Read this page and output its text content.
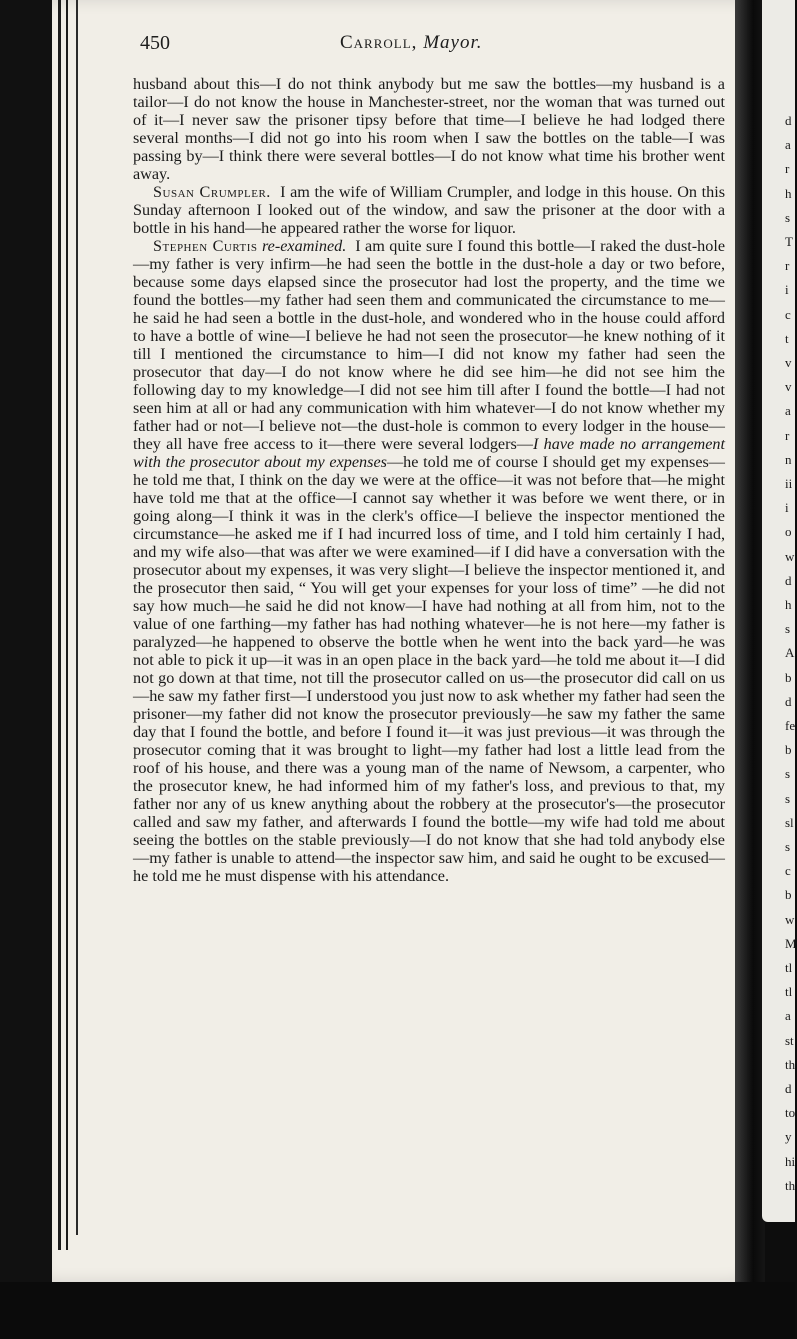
450	Carroll, Mayor.

husband about this—I do not think anybody but me saw the bottles—my husband is a tailor—I do not know the house in Manchester-street, nor the woman that was turned out of it—I never saw the prisoner tipsy before that time—I believe he had lodged there several months—I did not go into his room when I saw the bottles on the table—I was passing by—I think there were several bottles—I do not know what time his brother went away.

Susan Crumpler. I am the wife of William Crumpler, and lodge in this house. On this Sunday afternoon I looked out of the window, and saw the prisoner at the door with a bottle in his hand—he appeared rather the worse for liquor.

Stephen Curtis re-examined. I am quite sure I found this bottle—I raked the dust-hole—my father is very infirm—he had seen the bottle in the dust-hole a day or two before, because some days elapsed since the prosecutor had lost the property, and the time we found the bottles—my father had seen them and communicated the circumstance to me—he said he had seen a bottle in the dust-hole, and wondered who in the house could afford to have a bottle of wine—I believe he had not seen the prosecutor—he knew nothing of it till I mentioned the circumstance to him—I did not know my father had seen the prosecutor that day—I do not know where he did see him—he did not see him the following day to my knowledge—I did not see him till after I found the bottle—I had not seen him at all or had any communication with him whatever—I do not know whether my father had or not—I believe not—the dust-hole is common to every lodger in the house—they all have free access to it—there were several lodgers—I have made no arrangement with the prosecutor about my expenses—he told me of course I should get my expenses—he told me that, I think on the day we were at the office—it was not before that—he might have told me that at the office—I cannot say whether it was before we went there, or in going along—I think it was in the clerk's office—I believe the inspector mentioned the circumstance—he asked me if I had incurred loss of time, and I told him certainly I had, and my wife also—that was after we were examined—if I did have a conversation with the prosecutor about my expenses, it was very slight—I believe the inspector mentioned it, and the prosecutor then said, “ You will get your expenses for your loss of time” —he did not say how much—he said he did not know—I have had nothing at all from him, not to the value of one farthing—my father has had nothing whatever—he is not here—my father is paralyzed—he happened to observe the bottle when he went into the back yard—he was not able to pick it up—it was in an open place in the back yard—he told me about it—I did not go down at that time, not till the prosecutor called on us—the prosecutor did call on us—he saw my father first—I understood you just now to ask whether my father had seen the prisoner—my father did not know the prosecutor previously—he saw my father the same day that I found the bottle, and before I found it—it was just previous—it was through the prosecutor coming that it was brought to light—my father had lost a little lead from the roof of his house, and there was a young man of the name of Newsom, a carpenter, who the prosecutor knew, he had informed him of my father's loss, and previous to that, my father nor any of us knew anything about the robbery at the prosecutor's—the prosecutor called and saw my father, and afterwards I found the bottle—my wife had told me about seeing the bottles on the stable previously—I do not know that she had told anybody else—my father is unable to attend—the inspector saw him, and said he ought to be excused—he told me he must dispense with his attendance.

d
a
r
h
s
T
r
i
c
t
v
v
a
r
n
ii
i
o
w
d
h
s
A
b
d
fe
b
s
s
sl
s
c
b
w
M
tl
tl
a
st
th
d
to
y
hi
th
